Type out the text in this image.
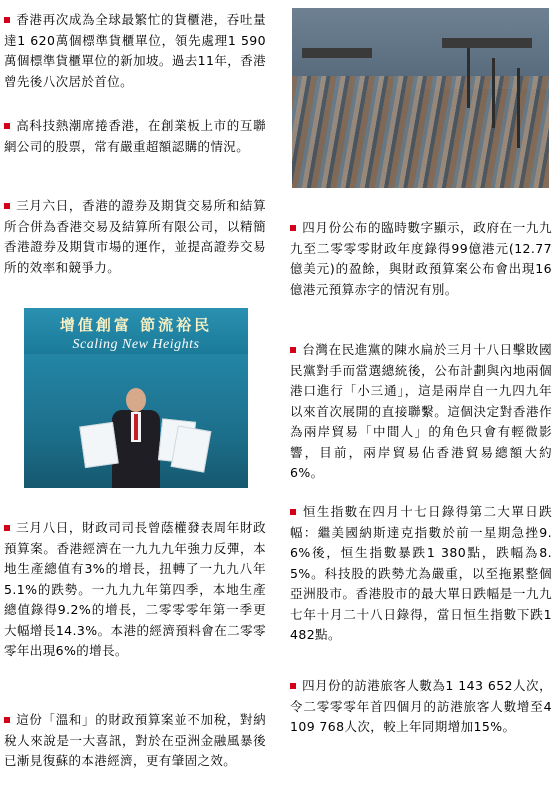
香港再次成為全球最繁忙的貨櫃港，吞吐量達1 620萬個標準貨櫃單位，領先處理1 590萬個標準貨櫃單位的新加坡。過去11年，香港曾先後八次居於首位。
高科技熱潮席捲香港，在創業板上市的互聯網公司的股票，常有嚴重超額認購的情況。
三月六日，香港的證券及期貨交易所和結算所合併為香港交易及結算所有限公司，以精簡香港證券及期貨市場的運作，並提高證券交易所的效率和競爭力。
增值創富 節流裕民
Scaling New Heights
三月八日，財政司司長曾蔭權發表周年財政預算案。香港經濟在一九九九年強力反彈，本地生產總值有3%的增長，扭轉了一九九八年5.1%的跌勢。一九九九年第四季，本地生產總值錄得9.2%的增長，二零零零年第一季更大幅增長14.3%。本港的經濟預料會在二零零零年出現6%的增長。
這份「溫和」的財政預算案並不加稅，對納稅人來說是一大喜訊，對於在亞洲金融風暴後已漸見復蘇的本港經濟，更有肇固之效。
四月份公布的臨時數字顯示，政府在一九九九至二零零零財政年度錄得99億港元(12.77億美元)的盈餘，與財政預算案公布會出現16億港元預算赤字的情況有別。
台灣在民進黨的陳水扁於三月十八日擊敗國民黨對手而當選總統後，公布計劃與內地兩個港口進行「小三通」，這是兩岸自一九四九年以來首次展開的直接聯繫。這個決定對香港作為兩岸貿易「中間人」的角色只會有輕微影響，目前，兩岸貿易佔香港貿易總額大約6%。
恒生指數在四月十七日錄得第二大單日跌幅：繼美國納斯達克指數於前一星期急挫9.6%後，恒生指數暴跌1 380點，跌幅為8.5%。科技股的跌勢尤為嚴重，以至拖累整個亞洲股市。香港股市的最大單日跌幅是一九九七年十月二十八日錄得，當日恒生指數下跌1 482點。
四月份的訪港旅客人數為1 143 652人次，令二零零零年首四個月的訪港旅客人數增至4 109 768人次，較上年同期增加15%。
